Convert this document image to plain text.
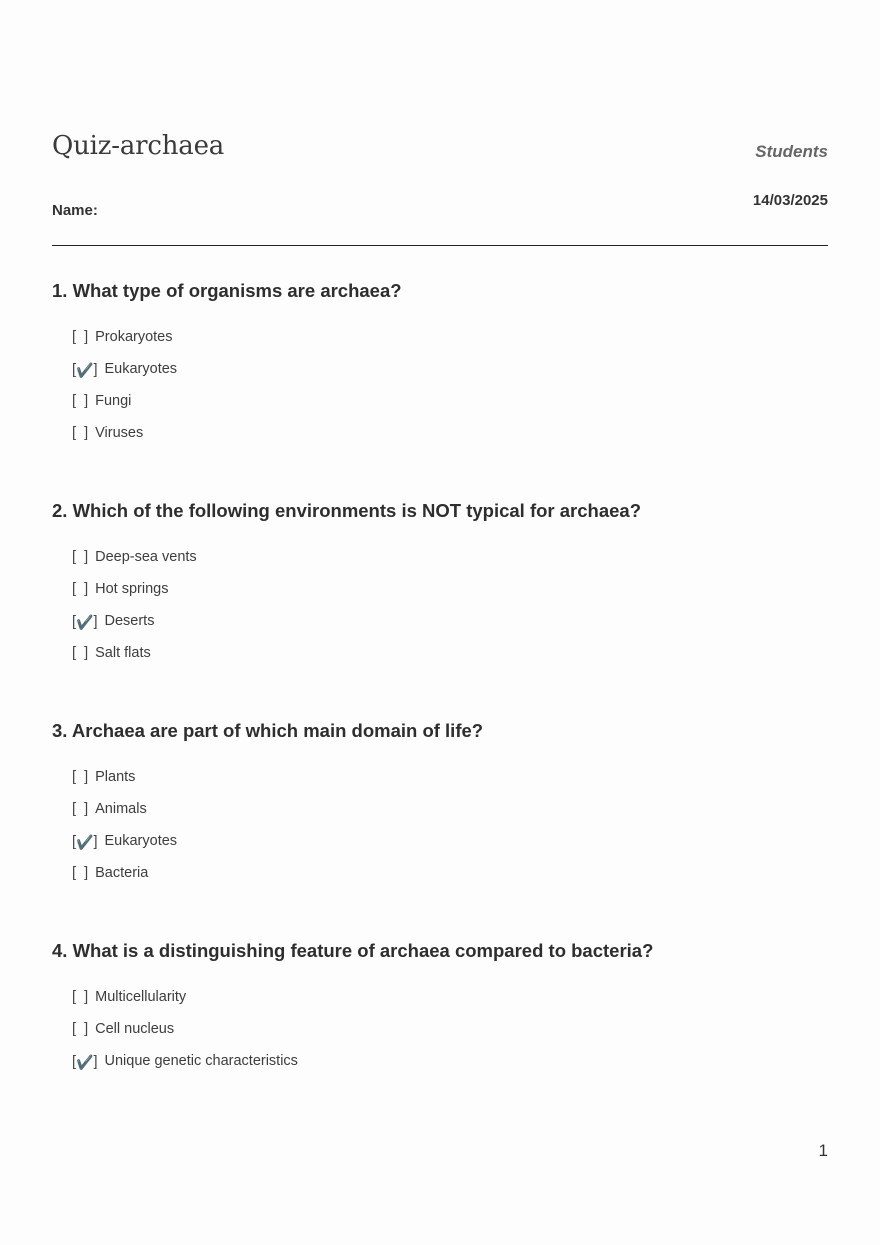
Quiz-archaea	Students
14/03/2025
Name:
1. What type of organisms are archaea?
[  ] Prokaryotes
[✔️] Eukaryotes
[  ] Fungi
[  ] Viruses
2. Which of the following environments is NOT typical for archaea?
[  ] Deep-sea vents
[  ] Hot springs
[✔️] Deserts
[  ] Salt flats
3. Archaea are part of which main domain of life?
[  ] Plants
[  ] Animals
[✔️] Eukaryotes
[  ] Bacteria
4. What is a distinguishing feature of archaea compared to bacteria?
[  ] Multicellularity
[  ] Cell nucleus
[✔️] Unique genetic characteristics
1
